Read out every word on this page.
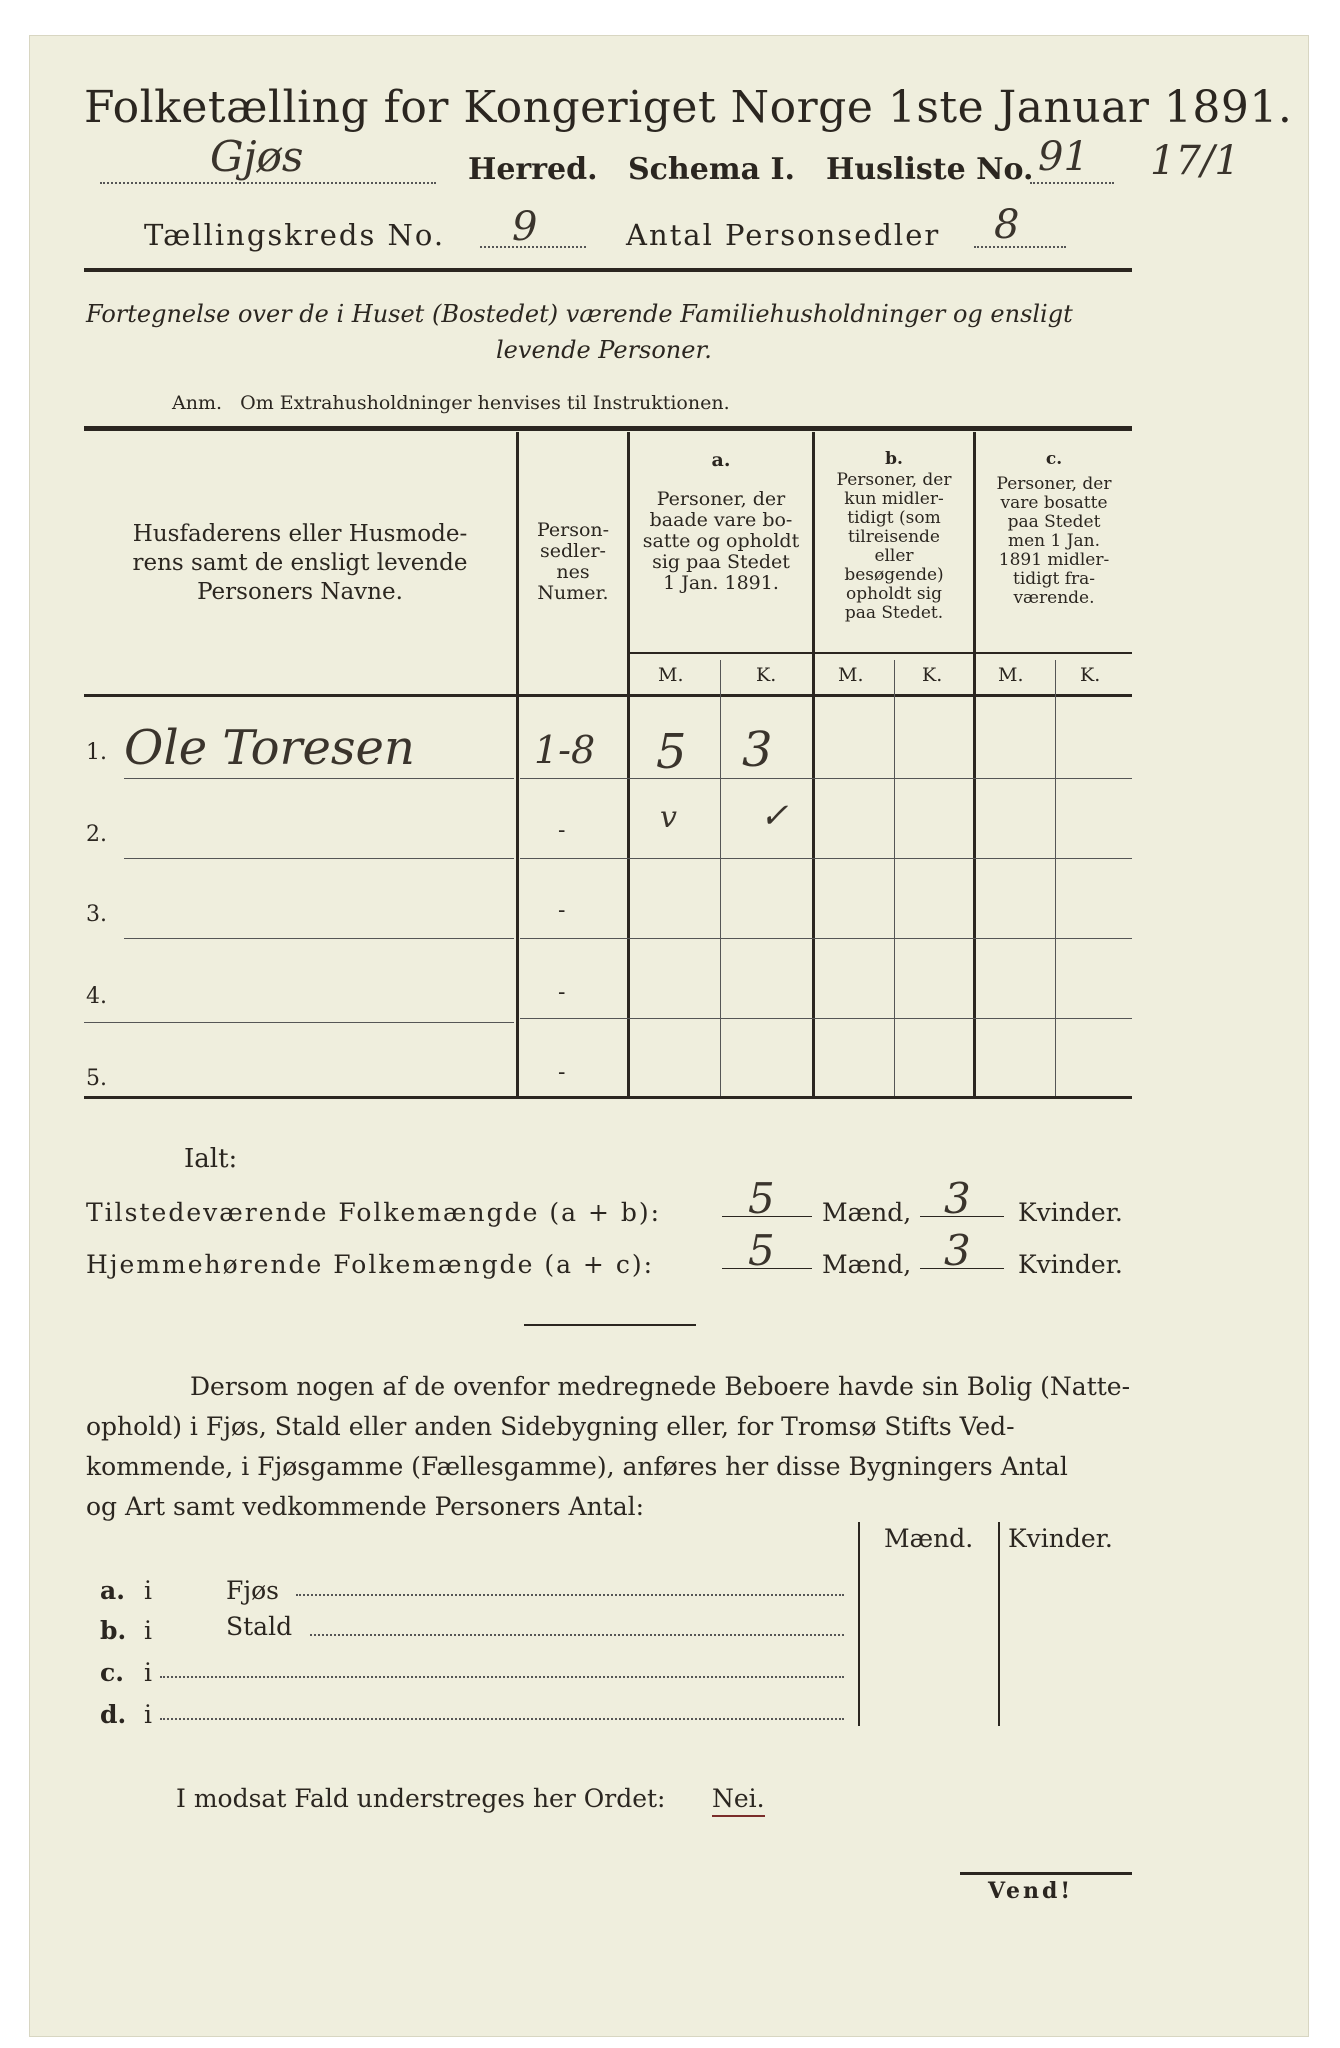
Folketælling for Kongeriget Norge 1ste Januar 1891.
Gjøs	Herred. Schema I. Husliste No. 91 17/1
Tællingskreds No. 9	Antal Personsedler 8
Fortegnelse over de i Huset (Bostedet) værende Familiehusholdninger og ensligt
levende Personer.
Anm.   Om Extrahusholdninger henvises til Instruktionen.
Husfaderens eller Husmode-
rens samt de ensligt levende
Personers Navne.
Person-
sedler-
nes
Numer.
a.
Personer, der
baade vare bo-
satte og opholdt
sig paa Stedet
1 Jan. 1891.
b.
Personer, der
kun midler-
tidigt (som
tilreisende
eller
besøgende)
opholdt sig
paa Stedet.
c.
Personer, der
vare bosatte
paa Stedet
men 1 Jan.
1891 midler-
tidigt fra-
værende.
M.	K.	M.	K.	M.	K.
1. Ole Toresen	1-8 5 3
2.	-	v ✓
3.	-
4.	-
5.	-
Ialt:
Tilstedeværende Folkemængde (a + b): 5 Mænd, 3 Kvinder.
Hjemmehørende Folkemængde (a + c): 5 Mænd, 3 Kvinder.
Dersom nogen af de ovenfor medregnede Beboere havde sin Bolig (Natte-
ophold) i Fjøs, Stald eller anden Sidebygning eller, for Tromsø Stifts Ved-
kommende, i Fjøsgamme (Fællesgamme), anføres her disse Bygningers Antal
og Art samt vedkommende Personers Antal:
Mænd. Kvinder.
a. i	Fjøs
b. i	Stald
c. i
d. i
I modsat Fald understreges her Ordet: Nei.
Vend!
